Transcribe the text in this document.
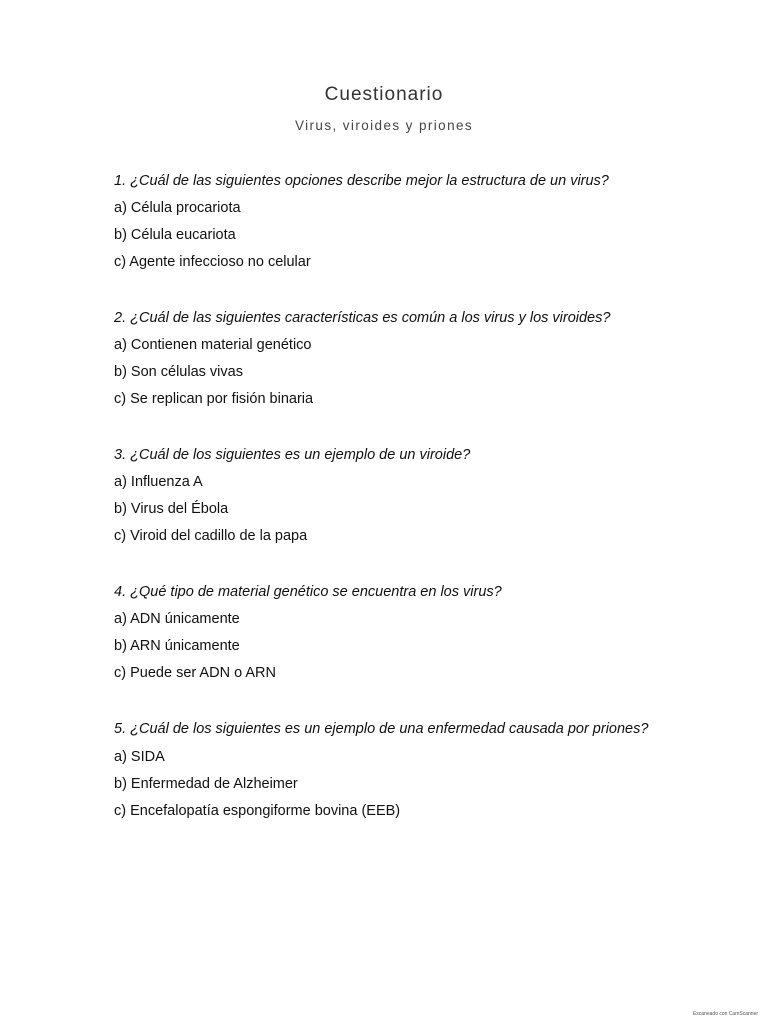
Cuestionario
Virus, viroides y priones
1. ¿Cuál de las siguientes opciones describe mejor la estructura de un virus?
a) Célula procariota
b) Célula eucariota
c) Agente infeccioso no celular
2. ¿Cuál de las siguientes características es común a los virus y los viroides?
a) Contienen material genético
b) Son células vivas
c) Se replican por fisión binaria
3. ¿Cuál de los siguientes es un ejemplo de un viroide?
a) Influenza A
b) Virus del Ébola
c) Viroid del cadillo de la papa
4. ¿Qué tipo de material genético se encuentra en los virus?
a) ADN únicamente
b) ARN únicamente
c) Puede ser ADN o ARN
5. ¿Cuál de los siguientes es un ejemplo de una enfermedad causada por priones?
a) SIDA
b) Enfermedad de Alzheimer
c) Encefalopatía espongiforme bovina (EEB)
Escaneado con CamScanner
